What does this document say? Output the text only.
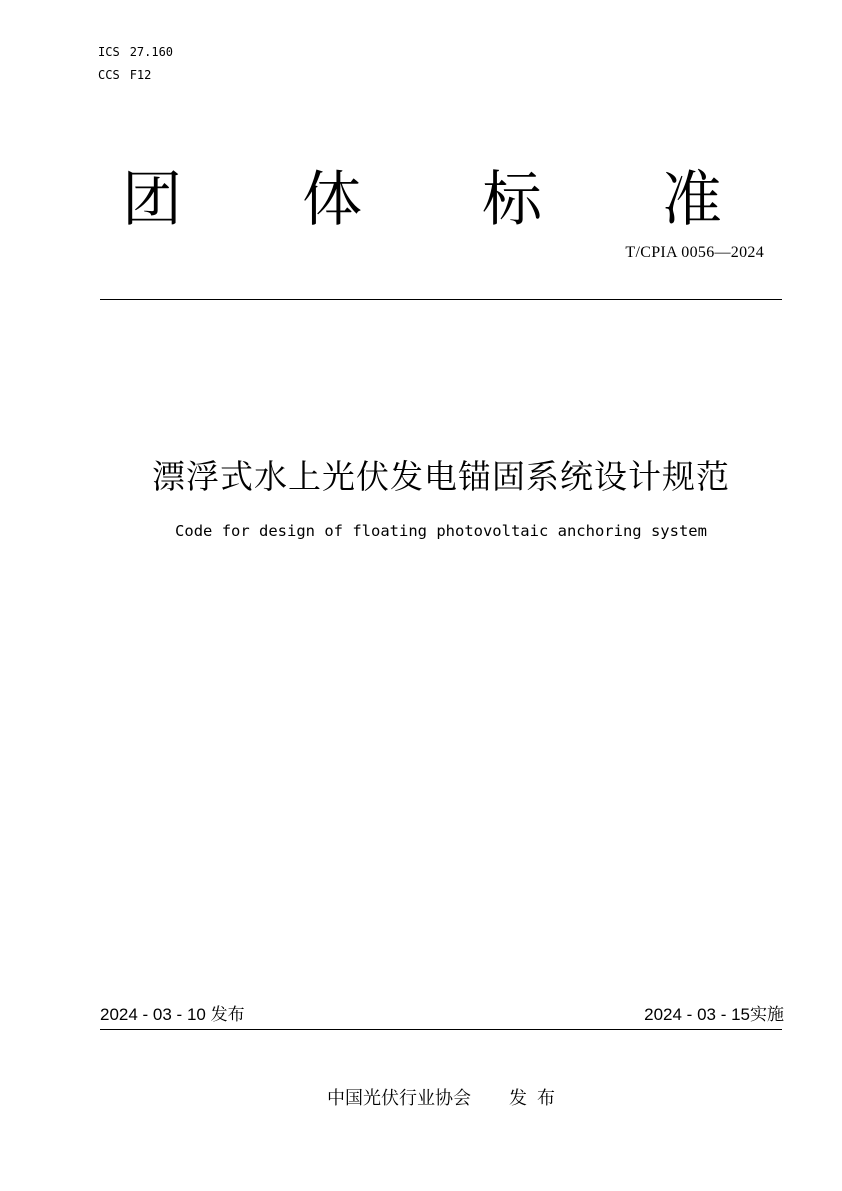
ICS 27.160
CCS F12
团 体 标 准
T/CPIA 0056—2024
漂浮式水上光伏发电锚固系统设计规范
Code for design of floating photovoltaic anchoring system
2024 - 03 - 10 发布	2024 - 03 - 15实施
中国光伏行业协会 发布
